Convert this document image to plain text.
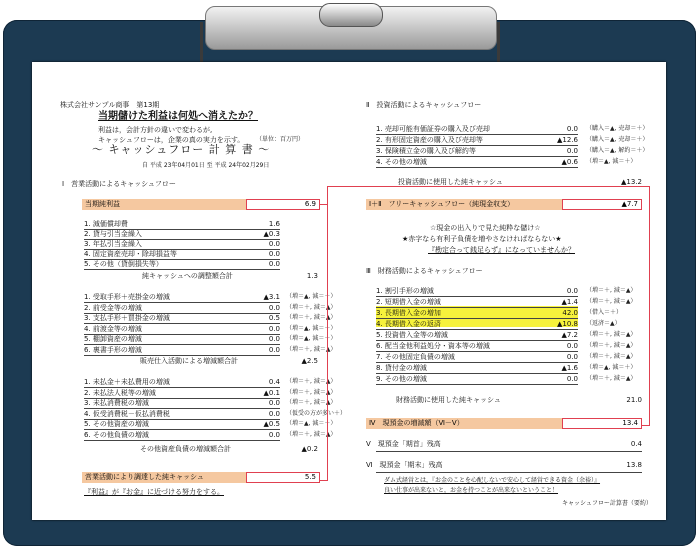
株式会社サンプル商事　第13期
当期儲けた利益は何処へ消えたか？
利益は，会計方針の違いで変わるが,
キャッシュフローは，企業の真の実力を示す。 （単位：百万円）
〜 キャッシュフロー 計 算 書 〜
自 平成 23年04月01日 至 平成 24年02月29日
Ⅰ　営業活動によるキャッシュフロー
当期純利益	6.9
1. 減価償却費	1.6
2. 貸与引当金繰入	▲0.3
3. 年払引当金繰入	0.0
4. 固定資産売却・除却損益等	0.0
5. その他（貸倒損失等）	0.0
純キャッシュへの調整額合計	1.3
1. 受取手形＋売掛金の増減	▲3.1 （増＝▲, 減＝＋）
2. 前受金等の増減	0.0 （増＝＋, 減＝▲）
3. 支払手形＋買掛金の増減	0.5 （増＝＋, 減＝▲）
4. 前渡金等の増減	0.0 （増＝▲, 減＝＋）
5. 棚卸資産の増減	0.0 （増＝▲, 減＝＋）
6. 裏書手形の増減	0.0 （増＝＋, 減＝▲）
販売仕入活動による増減額合計	▲2.5
1. 未払金＋未払費用の増減	0.4 （増＝＋, 減＝▲）
2. 未払法人税等の増減	▲0.1 （増＝＋, 減＝▲）
3. 未払消費税の増減	0.0 （増＝＋, 減＝▲）
4. 仮受消費税－仮払消費税	0.0 （仮受の方が多い＋）
5. その他資産の増減	▲0.5 （増＝▲, 減＝＋）
6. その他負債の増減	0.0 （増＝＋, 減＝▲）
その他資産負債の増減額合計	▲0.2
営業活動により調達した純キャッシュ	5.5
『利益』が『お金』に近づける努力をする。
Ⅱ　投資活動によるキャッシュフロー
1. 売却可能有価証券の購入及び売却	0.0 （購入＝▲, 売却＝＋）
2. 有形固定資産の購入及び売却等	▲12.6 （購入＝▲, 売却＝＋）
3. 保険積立金の購入及び解約等	0.0 （購入＝▲, 解約＝＋）
4. その他の増減	▲0.6 （増＝▲, 減＝＋）
投資活動に使用した純キャッシュ	▲13.2
Ⅰ＋Ⅱ　フリーキャッシュフロー（純現金収支）	▲7.7
☆現金の出入りで見た純粋な儲け☆
★赤字なら有利子負債を増やさなければならない★
『勘定合って銭足らず』になっていませんか？
Ⅲ　財務活動によるキャッシュフロー
1. 割引手形の増減	0.0 （増＝＋, 減＝▲）
2. 短期借入金の増減	▲1.4 （増＝＋, 減＝▲）
3. 長期借入金の増加	42.0 （借入＝＋）
4. 長期借入金の返済	▲10.8 （返済＝▲）
5. 投資借入金等の増減	▲7.2 （増＝＋, 減＝▲）
6. 配当金他利益処分・資本等の増減	0.0 （増＝＋, 減＝▲）
7. その他固定負債の増減	0.0 （増＝＋, 減＝▲）
8. 貸付金の増減	▲1.6 （増＝▲, 減＝＋）
9. その他の増減	0.0 （増＝＋, 減＝▲）
財務活動に使用した純キャッシュ	21.0
Ⅳ　現預金の増減額（Ⅵ－Ⅴ）	13.4
Ⅴ　現預金「期首」残高	0.4
Ⅵ　現預金「期末」残高	13.8
ダム式経営とは，『お金のことを心配しないで安心して経営できる資金（余裕）』
良い仕事が出来ないと，お金を持つことが出来ないということ！
キャッシュフロー計算書（要約）
